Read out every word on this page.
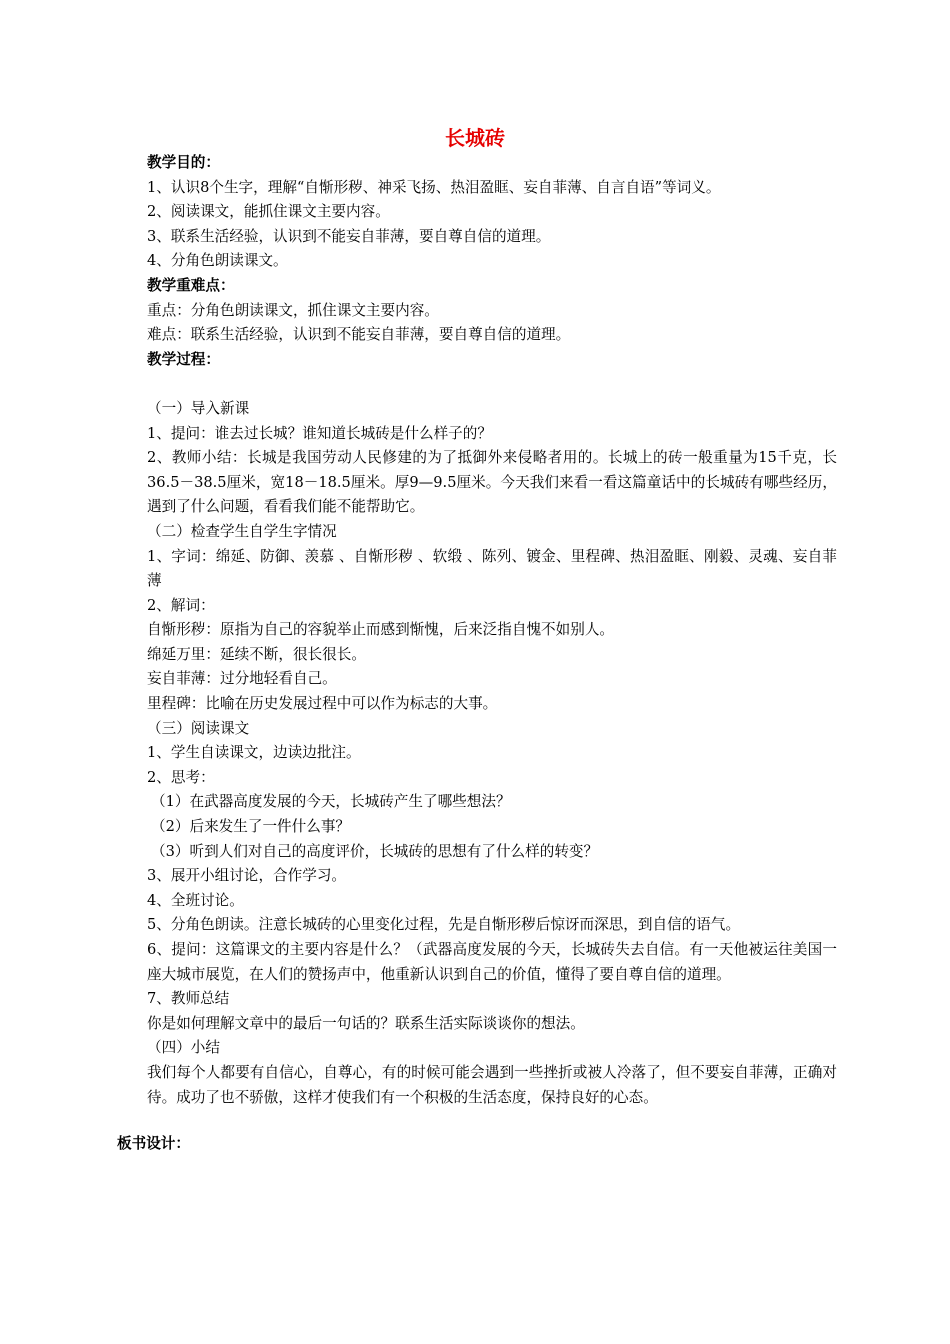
长城砖

教学目的：

1、认识8个生字，理解“自惭形秽、神采飞扬、热泪盈眶、妄自菲薄、自言自语”等词义。

2、阅读课文，能抓住课文主要内容。

3、联系生活经验，认识到不能妄自菲薄，要自尊自信的道理。

4、分角色朗读课文。

教学重难点：

重点：分角色朗读课文，抓住课文主要内容。

难点：联系生活经验，认识到不能妄自菲薄，要自尊自信的道理。

教学过程：

（一）导入新课

1、提问：谁去过长城？谁知道长城砖是什么样子的？

2、教师小结：长城是我国劳动人民修建的为了抵御外来侵略者用的。长城上的砖一般重量为15千克，长36.5－38.5厘米，宽18－18.5厘米。厚9—9.5厘米。今天我们来看一看这篇童话中的长城砖有哪些经历，遇到了什么问题，看看我们能不能帮助它。

（二）检查学生自学生字情况

1、字词：绵延、防御、羡慕 、自惭形秽 、软缎 、陈列、镀金、里程碑、热泪盈眶、刚毅、灵魂、妄自菲薄

2、解词：

自惭形秽：原指为自己的容貌举止而感到惭愧，后来泛指自愧不如别人。

绵延万里：延续不断，很长很长。

妄自菲薄：过分地轻看自己。

里程碑：比喻在历史发展过程中可以作为标志的大事。

（三）阅读课文

1、学生自读课文，边读边批注。

2、思考：

（1）在武器高度发展的今天，长城砖产生了哪些想法？

（2）后来发生了一件什么事？

（3）听到人们对自己的高度评价，长城砖的思想有了什么样的转变？

3、展开小组讨论，合作学习。

4、全班讨论。

5、分角色朗读。注意长城砖的心里变化过程，先是自惭形秽后惊讶而深思，到自信的语气。

6、提问：这篇课文的主要内容是什么？（武器高度发展的今天，长城砖失去自信。有一天他被运往美国一座大城市展览，在人们的赞扬声中，他重新认识到自己的价值，懂得了要自尊自信的道理。

7、教师总结

你是如何理解文章中的最后一句话的？联系生活实际谈谈你的想法。

（四）小结

我们每个人都要有自信心，自尊心，有的时候可能会遇到一些挫折或被人冷落了，但不要妄自菲薄，正确对待。成功了也不骄傲，这样才使我们有一个积极的生活态度，保持良好的心态。

板书设计：
